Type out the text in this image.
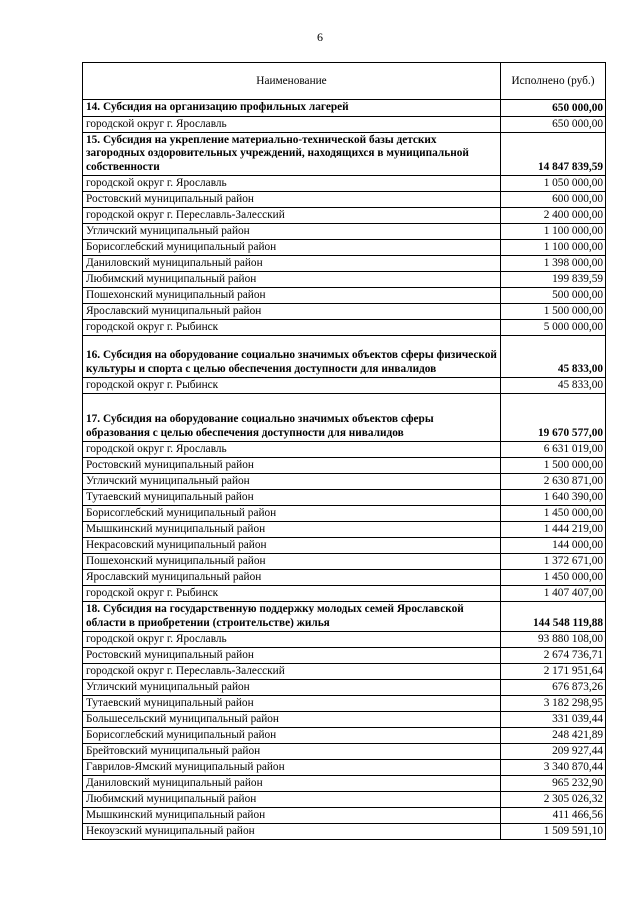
6
Наименование	Исполнено (руб.)
14. Субсидия на организацию профильных лагерей	650 000,00
городской округ г. Ярославль	650 000,00
15. Субсидия на укрепление материально-технической базы детских загородных оздоровительных учреждений, находящихся в муниципальной собственности	14 847 839,59
городской округ г. Ярославль	1 050 000,00
Ростовский муниципальный район	600 000,00
городской округ г. Переславль-Залесский	2 400 000,00
Угличский муниципальный район	1 100 000,00
Борисоглебский муниципальный район	1 100 000,00
Даниловский муниципальный район	1 398 000,00
Любимский муниципальный район	199 839,59
Пошехонский муниципальный район	500 000,00
Ярославский муниципальный район	1 500 000,00
городской округ г. Рыбинск	5 000 000,00
16. Субсидия на оборудование социально значимых объектов сферы физической культуры и спорта с целью обеспечения доступности для инвалидов	45 833,00
городской округ г. Рыбинск	45 833,00
17. Субсидия на оборудование социально значимых объектов сферы образования с целью обеспечения доступности для нивалидов	19 670 577,00
городской округ г. Ярославль	6 631 019,00
Ростовский муниципальный район	1 500 000,00
Угличский муниципальный район	2 630 871,00
Тутаевский муниципальный район	1 640 390,00
Борисоглебский муниципальный район	1 450 000,00
Мышкинский муниципальный район	1 444 219,00
Некрасовский муниципальный район	144 000,00
Пошехонский муниципальный район	1 372 671,00
Ярославский муниципальный район	1 450 000,00
городской округ г. Рыбинск	1 407 407,00
18. Субсидия на государственную поддержку молодых семей Ярославской области в приобретении (строительстве) жилья	144 548 119,88
городской округ г. Ярославль	93 880 108,00
Ростовский муниципальный район	2 674 736,71
городской округ г. Переславль-Залесский	2 171 951,64
Угличский муниципальный район	676 873,26
Тутаевский муниципальный район	3 182 298,95
Большесельский муниципальный район	331 039,44
Борисоглебский муниципальный район	248 421,89
Брейтовский муниципальный район	209 927,44
Гаврилов-Ямский муниципальный район	3 340 870,44
Даниловский муниципальный район	965 232,90
Любимский муниципальный район	2 305 026,32
Мышкинский муниципальный район	411 466,56
Некоузский муниципальный район	1 509 591,10
